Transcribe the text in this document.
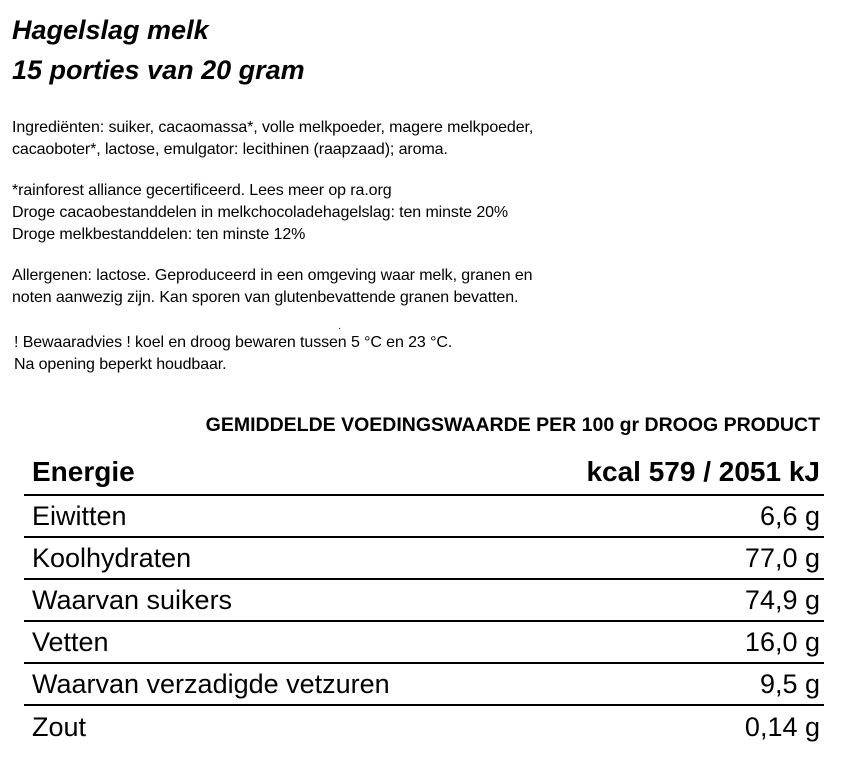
Hagelslag melk
15 porties van 20 gram
Ingrediënten: suiker, cacaomassa*, volle melkpoeder, magere melkpoeder,
cacaoboter*, lactose, emulgator: lecithinen (raapzaad); aroma.
*rainforest alliance gecertificeerd. Lees meer op ra.org
Droge cacaobestanddelen in melkchocoladehagelslag: ten minste 20%
Droge melkbestanddelen: ten minste 12%
Allergenen: lactose. Geproduceerd in een omgeving waar melk, granen en
noten aanwezig zijn. Kan sporen van glutenbevattende granen bevatten.
·
! Bewaaradvies ! koel en droog bewaren tussen 5 °C en 23 °C.
Na opening beperkt houdbaar.
GEMIDDELDE VOEDINGSWAARDE PER 100 gr DROOG PRODUCT
Energie	kcal 579 / 2051 kJ
Eiwitten	6,6 g
Koolhydraten	77,0 g
Waarvan suikers	74,9 g
Vetten	16,0 g
Waarvan verzadigde vetzuren	9,5 g
Zout	0,14 g
